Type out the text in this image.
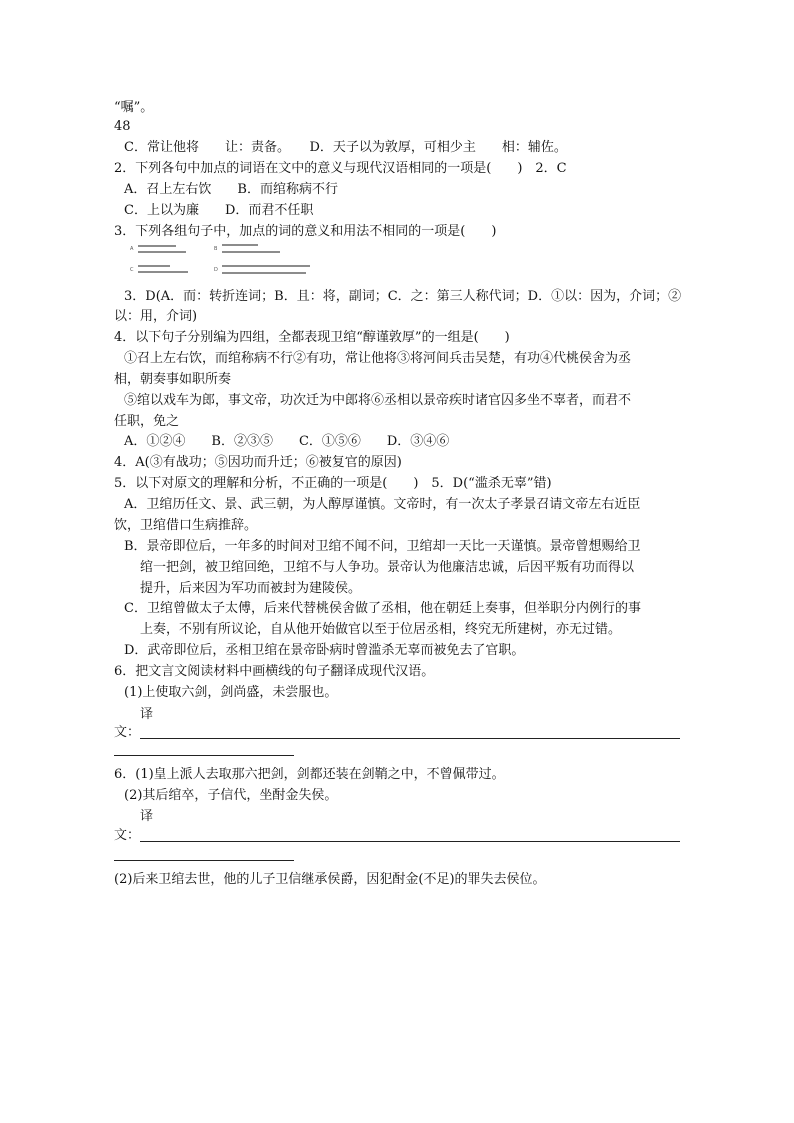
“嘱”。
48
C．常让他将　　让：责备。　　D．天子以为敦厚，可相少主　　相：辅佐。
2．下列各句中加点的词语在文中的意义与现代汉语相同的一项是(　　)　2．C
A．召上左右饮　　B．而绾称病不行
C．上以为廉　　D．而君不任职
3．下列各组句子中，加点的词的意义和用法不相同的一项是(　　)
A
C
B
D
3．D(A．而：转折连词；B．且：将，副词；C．之：第三人称代词；D．①以：因为，介词；②
以：用，介词)
4．以下句子分别编为四组，全都表现卫绾“醇谨敦厚”的一组是(　　)
①召上左右饮，而绾称病不行②有功，常让他将③将河间兵击吴楚，有功④代桃侯舍为丞
相，朝奏事如职所奏
⑤绾以戏车为郎，事文帝，功次迁为中郎将⑥丞相以景帝疾时诸官囚多坐不辜者，而君不
任职，免之
A．①②④　　B．②③⑤　　C．①⑤⑥　　D．③④⑥
4．A(③有战功；⑤因功而升迁；⑥被复官的原因)
5．以下对原文的理解和分析，不正确的一项是(　　)　5．D(“滥杀无辜”错)
A．卫绾历任文、景、武三朝，为人醇厚谨慎。文帝时，有一次太子孝景召请文帝左右近臣
饮，卫绾借口生病推辞。
B．景帝即位后，一年多的时间对卫绾不闻不问，卫绾却一天比一天谨慎。景帝曾想赐给卫
绾一把剑，被卫绾回绝，卫绾不与人争功。景帝认为他廉洁忠诚，后因平叛有功而得以
提升，后来因为军功而被封为建陵侯。
C．卫绾曾做太子太傅，后来代替桃侯舍做了丞相，他在朝廷上奏事，但举职分内例行的事
上奏，不别有所议论，自从他开始做官以至于位居丞相，终究无所建树，亦无过错。
D．武帝即位后，丞相卫绾在景帝卧病时曾滥杀无辜而被免去了官职。
6．把文言文阅读材料中画横线的句子翻译成现代汉语。
(1)上使取六剑，剑尚盛，未尝服也。
译
文：
6．(1)皇上派人去取那六把剑，剑都还装在剑鞘之中，不曾佩带过。
(2)其后绾卒，子信代，坐酎金失侯。
译
文：
(2)后来卫绾去世，他的儿子卫信继承侯爵，因犯酎金(不足)的罪失去侯位。
